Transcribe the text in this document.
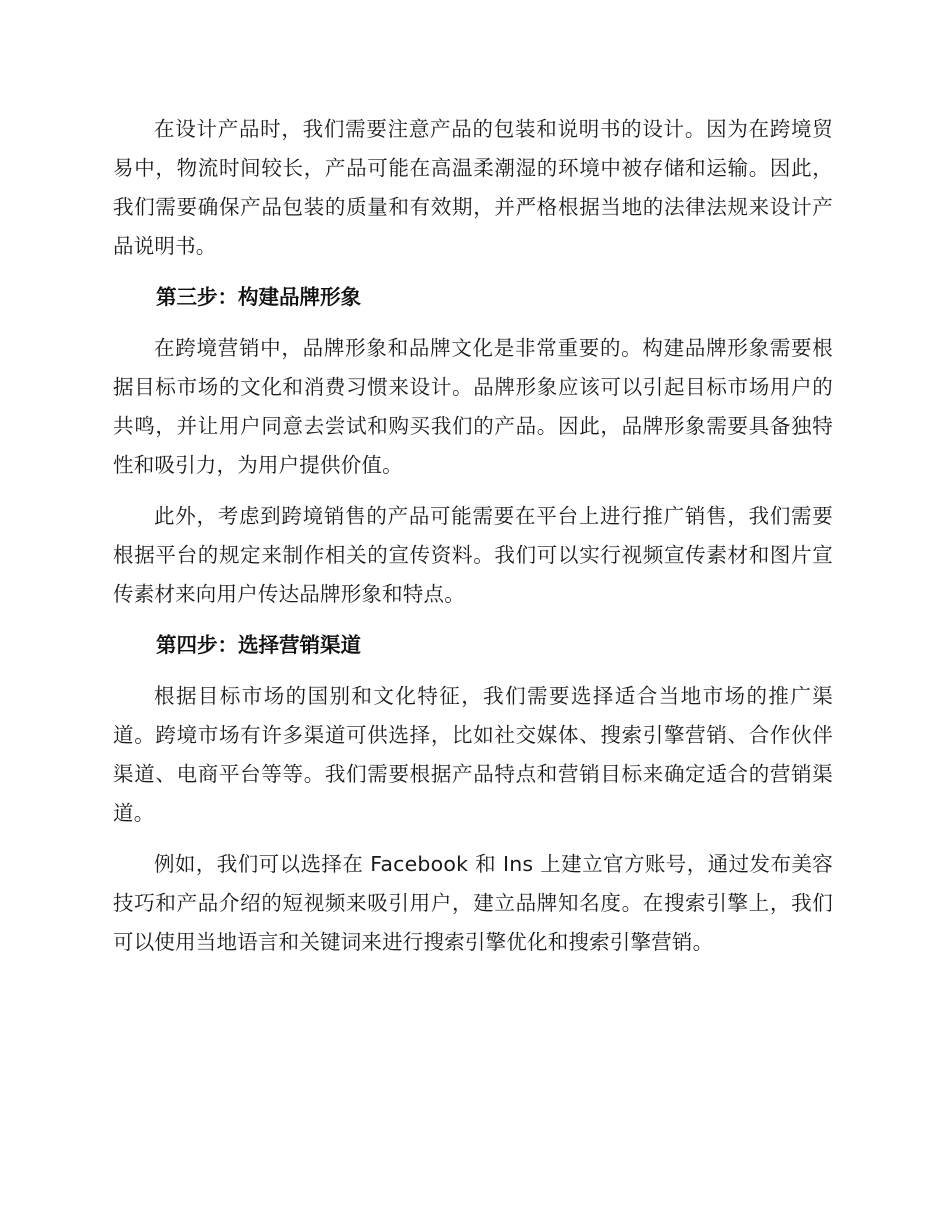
在设计产品时，我们需要注意产品的包装和说明书的设计。因为在跨境贸易中，物流时间较长，产品可能在高温柔潮湿的环境中被存储和运输。因此，我们需要确保产品包装的质量和有效期，并严格根据当地的法律法规来设计产品说明书。

第三步：构建品牌形象

在跨境营销中，品牌形象和品牌文化是非常重要的。构建品牌形象需要根据目标市场的文化和消费习惯来设计。品牌形象应该可以引起目标市场用户的共鸣，并让用户同意去尝试和购买我们的产品。因此，品牌形象需要具备独特性和吸引力，为用户提供价值。

此外，考虑到跨境销售的产品可能需要在平台上进行推广销售，我们需要根据平台的规定来制作相关的宣传资料。我们可以实行视频宣传素材和图片宣传素材来向用户传达品牌形象和特点。

第四步：选择营销渠道

根据目标市场的国别和文化特征，我们需要选择适合当地市场的推广渠道。跨境市场有许多渠道可供选择，比如社交媒体、搜索引擎营销、合作伙伴渠道、电商平台等等。我们需要根据产品特点和营销目标来确定适合的营销渠道。

例如，我们可以选择在 Facebook 和 Ins 上建立官方账号，通过发布美容技巧和产品介绍的短视频来吸引用户，建立品牌知名度。在搜索引擎上，我们可以使用当地语言和关键词来进行搜索引擎优化和搜索引擎营销。
